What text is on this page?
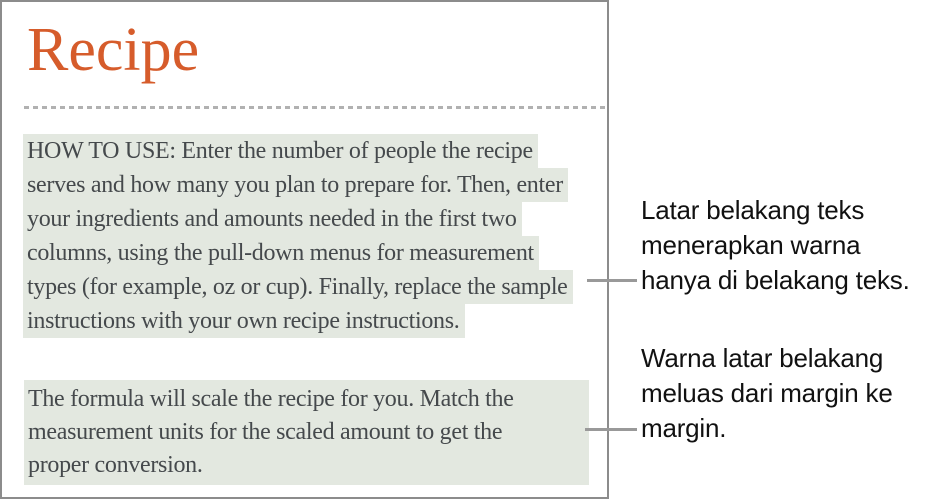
Recipe
HOW TO USE: Enter the number of people the recipe
serves and how many you plan to prepare for. Then, enter
your ingredients and amounts needed in the first two
columns, using the pull-down menus for measurement
types (for example, oz or cup). Finally, replace the sample
instructions with your own recipe instructions.
The formula will scale the recipe for you. Match the
measurement units for the scaled amount to get the
proper conversion.
Latar belakang teks
menerapkan warna
hanya di belakang teks.
Warna latar belakang
meluas dari margin ke
margin.
